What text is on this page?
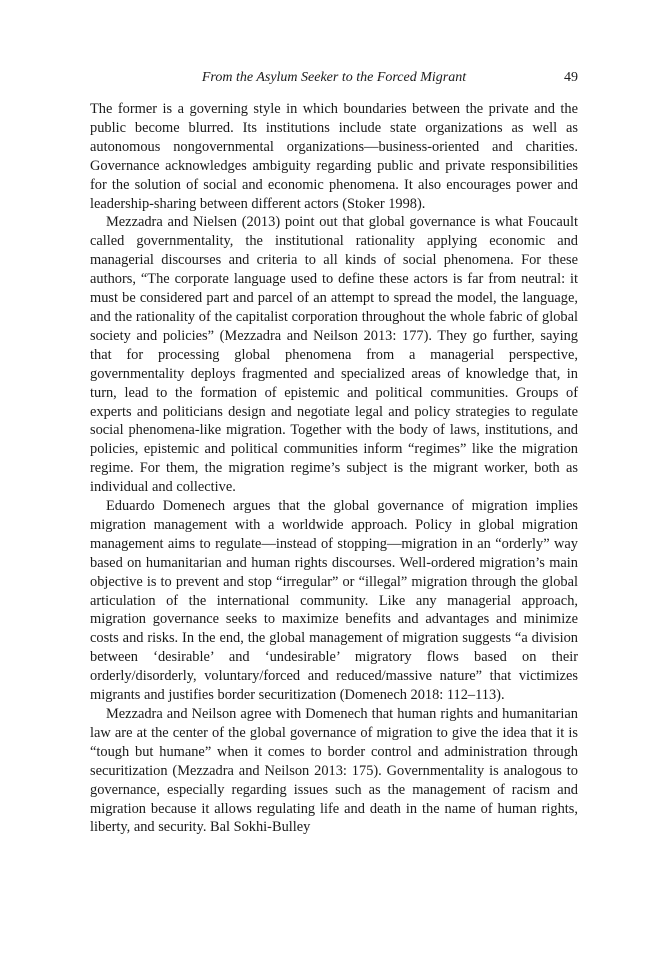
From the Asylum Seeker to the Forced Migrant	49

The former is a governing style in which boundaries between the private and the public become blurred. Its institutions include state organizations as well as autonomous nongovernmental organizations—business-oriented and charities. Governance acknowledges ambiguity regarding public and private responsibilities for the solution of social and economic phenomena. It also encourages power and leadership-sharing between different actors (Stoker 1998).

Mezzadra and Nielsen (2013) point out that global governance is what Foucault called governmentality, the institutional rationality applying economic and managerial discourses and criteria to all kinds of social phenomena. For these authors, “The corporate language used to define these actors is far from neutral: it must be considered part and parcel of an attempt to spread the model, the language, and the rationality of the capitalist corporation throughout the whole fabric of global society and policies” (Mezzadra and Neilson 2013: 177). They go further, saying that for processing global phenomena from a managerial perspective, governmentality deploys fragmented and specialized areas of knowledge that, in turn, lead to the formation of epistemic and political communities. Groups of experts and politicians design and negotiate legal and policy strategies to regulate social phenomena-like migration. Together with the body of laws, institutions, and policies, epistemic and political communities inform “regimes” like the migration regime. For them, the migration regime’s subject is the migrant worker, both as individual and collective.

Eduardo Domenech argues that the global governance of migration implies migration management with a worldwide approach. Policy in global migration management aims to regulate—instead of stopping—migration in an “orderly” way based on humanitarian and human rights discourses. Well-ordered migration’s main objective is to prevent and stop “irregular” or “illegal” migration through the global articulation of the international community. Like any managerial approach, migration governance seeks to maximize benefits and advantages and minimize costs and risks. In the end, the global management of migration suggests “a division between ‘desirable’ and ‘undesirable’ migratory flows based on their orderly/disorderly, voluntary/forced and reduced/massive nature” that victimizes migrants and justifies border securitization (Domenech 2018: 112–113).

Mezzadra and Neilson agree with Domenech that human rights and humanitarian law are at the center of the global governance of migration to give the idea that it is “tough but humane” when it comes to border control and administration through securitization (Mezzadra and Neilson 2013: 175). Governmentality is analogous to governance, especially regarding issues such as the management of racism and migration because it allows regulating life and death in the name of human rights, liberty, and security. Bal Sokhi-Bulley
